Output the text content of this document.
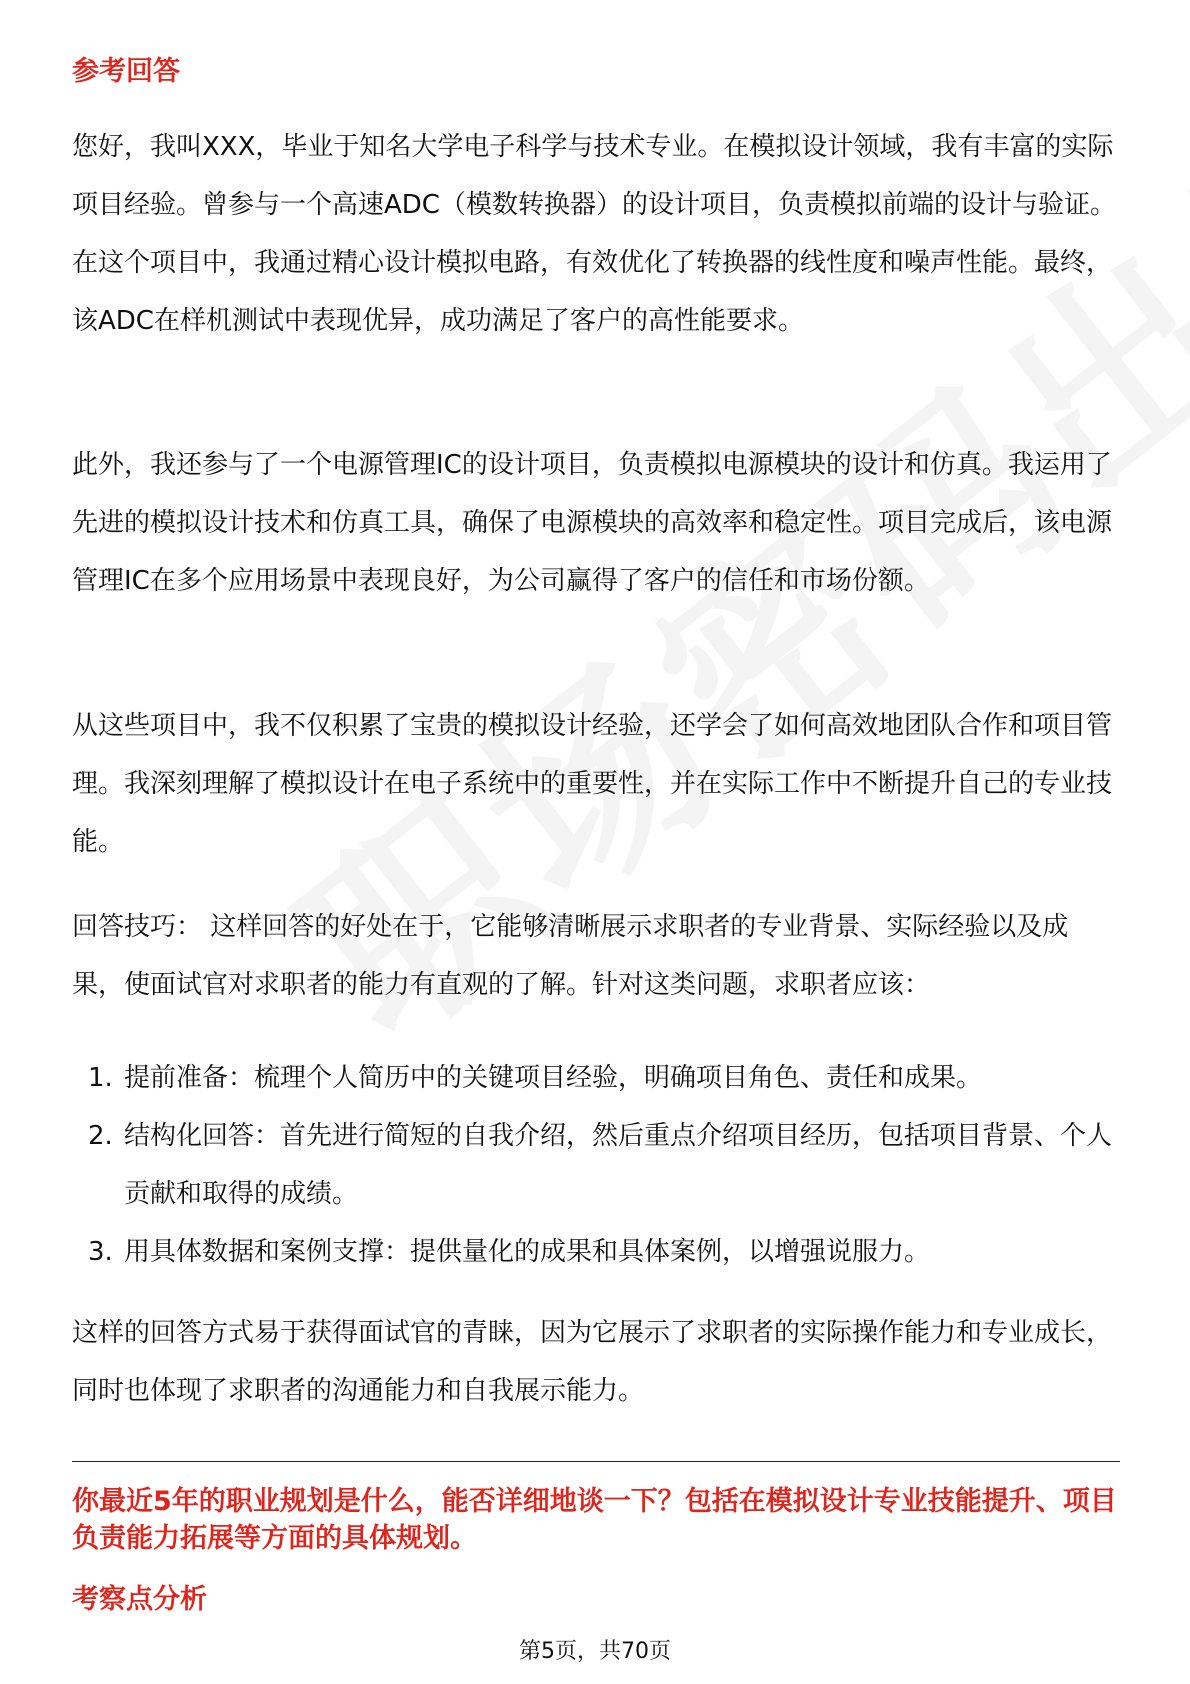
参考回答

您好，我叫XXX，毕业于知名大学电子科学与技术专业。在模拟设计领域，我有丰富的实际项目经验。曾参与一个高速ADC（模数转换器）的设计项目，负责模拟前端的设计与验证。在这个项目中，我通过精心设计模拟电路，有效优化了转换器的线性度和噪声性能。最终，该ADC在样机测试中表现优异，成功满足了客户的高性能要求。

此外，我还参与了一个电源管理IC的设计项目，负责模拟电源模块的设计和仿真。我运用了先进的模拟设计技术和仿真工具，确保了电源模块的高效率和稳定性。项目完成后，该电源管理IC在多个应用场景中表现良好，为公司赢得了客户的信任和市场份额。

从这些项目中，我不仅积累了宝贵的模拟设计经验，还学会了如何高效地团队合作和项目管理。我深刻理解了模拟设计在电子系统中的重要性，并在实际工作中不断提升自己的专业技能。

回答技巧： 这样回答的好处在于，它能够清晰展示求职者的专业背景、实际经验以及成果，使面试官对求职者的能力有直观的了解。针对这类问题，求职者应该：

1. 提前准备：梳理个人简历中的关键项目经验，明确项目角色、责任和成果。
2. 结构化回答：首先进行简短的自我介绍，然后重点介绍项目经历，包括项目背景、个人贡献和取得的成绩。
3. 用具体数据和案例支撑：提供量化的成果和具体案例，以增强说服力。

这样的回答方式易于获得面试官的青睐，因为它展示了求职者的实际操作能力和专业成长，同时也体现了求职者的沟通能力和自我展示能力。

你最近5年的职业规划是什么，能否详细地谈一下？包括在模拟设计专业技能提升、项目负责能力拓展等方面的具体规划。
考察点分析
第5页，共70页
